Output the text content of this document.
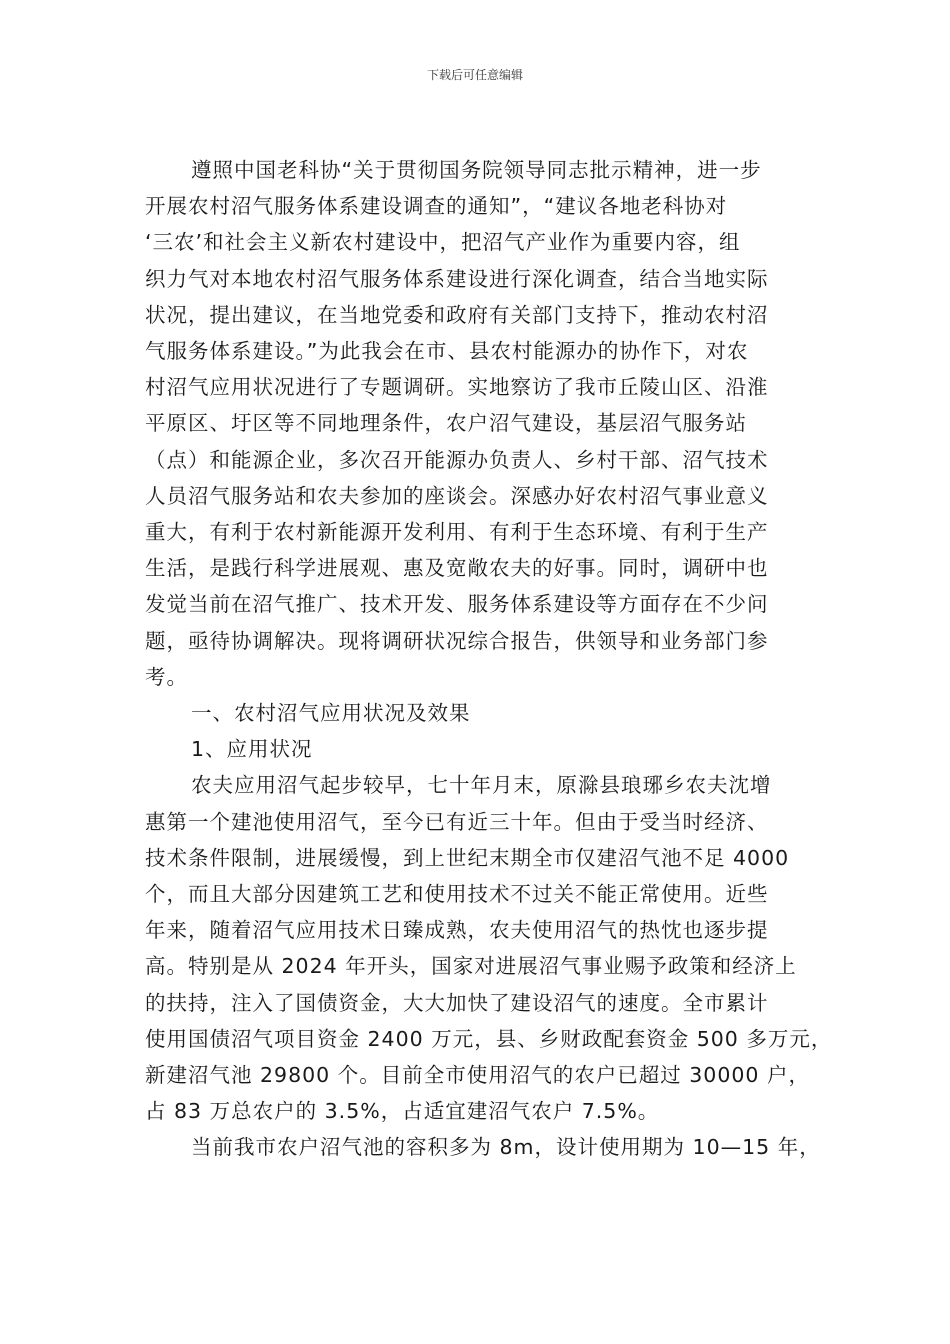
下载后可任意编辑

遵照中国老科协“关于贯彻国务院领导同志批示精神，进一步
开展农村沼气服务体系建设调查的通知”，“建议各地老科协对
‘三农’和社会主义新农村建设中，把沼气产业作为重要内容，组
织力气对本地农村沼气服务体系建设进行深化调查，结合当地实际
状况，提出建议，在当地党委和政府有关部门支持下，推动农村沼
气服务体系建设。”为此我会在市、县农村能源办的协作下，对农
村沼气应用状况进行了专题调研。实地察访了我市丘陵山区、沿淮
平原区、圩区等不同地理条件，农户沼气建设，基层沼气服务站
（点）和能源企业，多次召开能源办负责人、乡村干部、沼气技术
人员沼气服务站和农夫参加的座谈会。深感办好农村沼气事业意义
重大，有利于农村新能源开发利用、有利于生态环境、有利于生产
生活，是践行科学进展观、惠及宽敞农夫的好事。同时，调研中也
发觉当前在沼气推广、技术开发、服务体系建设等方面存在不少问
题，亟待协调解决。现将调研状况综合报告，供领导和业务部门参
考。

一、农村沼气应用状况及效果

1、应用状况

农夫应用沼气起步较早，七十年月末，原滁县琅琊乡农夫沈增
惠第一个建池使用沼气，至今已有近三十年。但由于受当时经济、
技术条件限制，进展缓慢，到上世纪末期全市仅建沼气池不足 4000
个，而且大部分因建筑工艺和使用技术不过关不能正常使用。近些
年来，随着沼气应用技术日臻成熟，农夫使用沼气的热忱也逐步提
高。特别是从 2024 年开头，国家对进展沼气事业赐予政策和经济上
的扶持，注入了国债资金，大大加快了建设沼气的速度。全市累计
使用国债沼气项目资金 2400 万元，县、乡财政配套资金 500 多万元，
新建沼气池 29800 个。目前全市使用沼气的农户已超过 30000 户，
占 83 万总农户的 3.5%，占适宜建沼气农户 7.5%。

当前我市农户沼气池的容积多为 8m，设计使用期为 10—15 年，
